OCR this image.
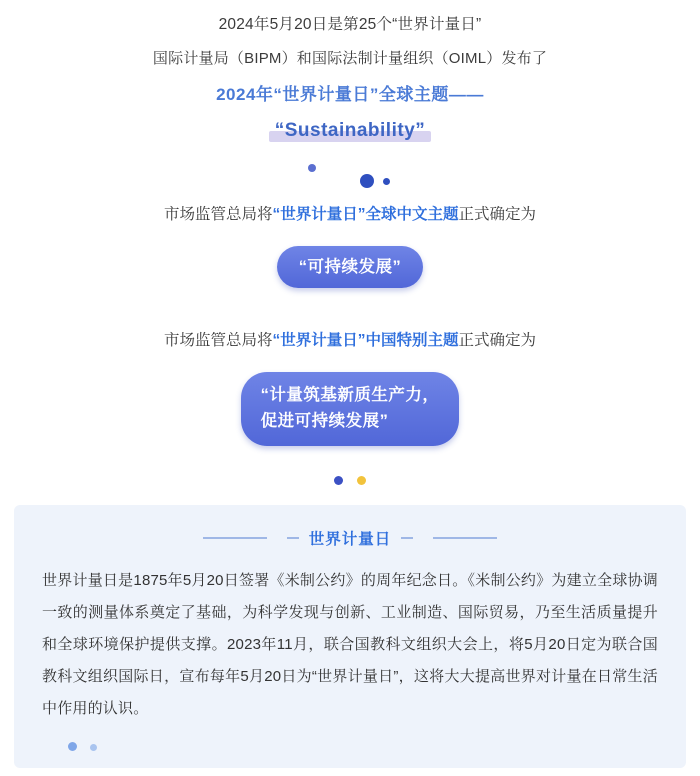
2024年5月20日是第25个“世界计量日”
国际计量局（BIPM）和国际法制计量组织（OIML）发布了
2024年“世界计量日”全球主题——
“Sustainability”
市场监管总局将“世界计量日”全球中文主题正式确定为
“可持续发展”
市场监管总局将“世界计量日”中国特别主题正式确定为
“计量筑基新质生产力，
促进可持续发展”

世界计量日
世界计量日是1875年5月20日签署《米制公约》的周年纪念日。《米制公约》为建立全球协调一致的测量体系奠定了基础，为科学发现与创新、工业制造、国际贸易，乃至生活质量提升和全球环境保护提供支撑。2023年11月，联合国教科文组织大会上，将5月20日定为联合国教科文组织国际日，宣布每年5月20日为“世界计量日”，这将大大提高世界对计量在日常生活中作用的认识。
